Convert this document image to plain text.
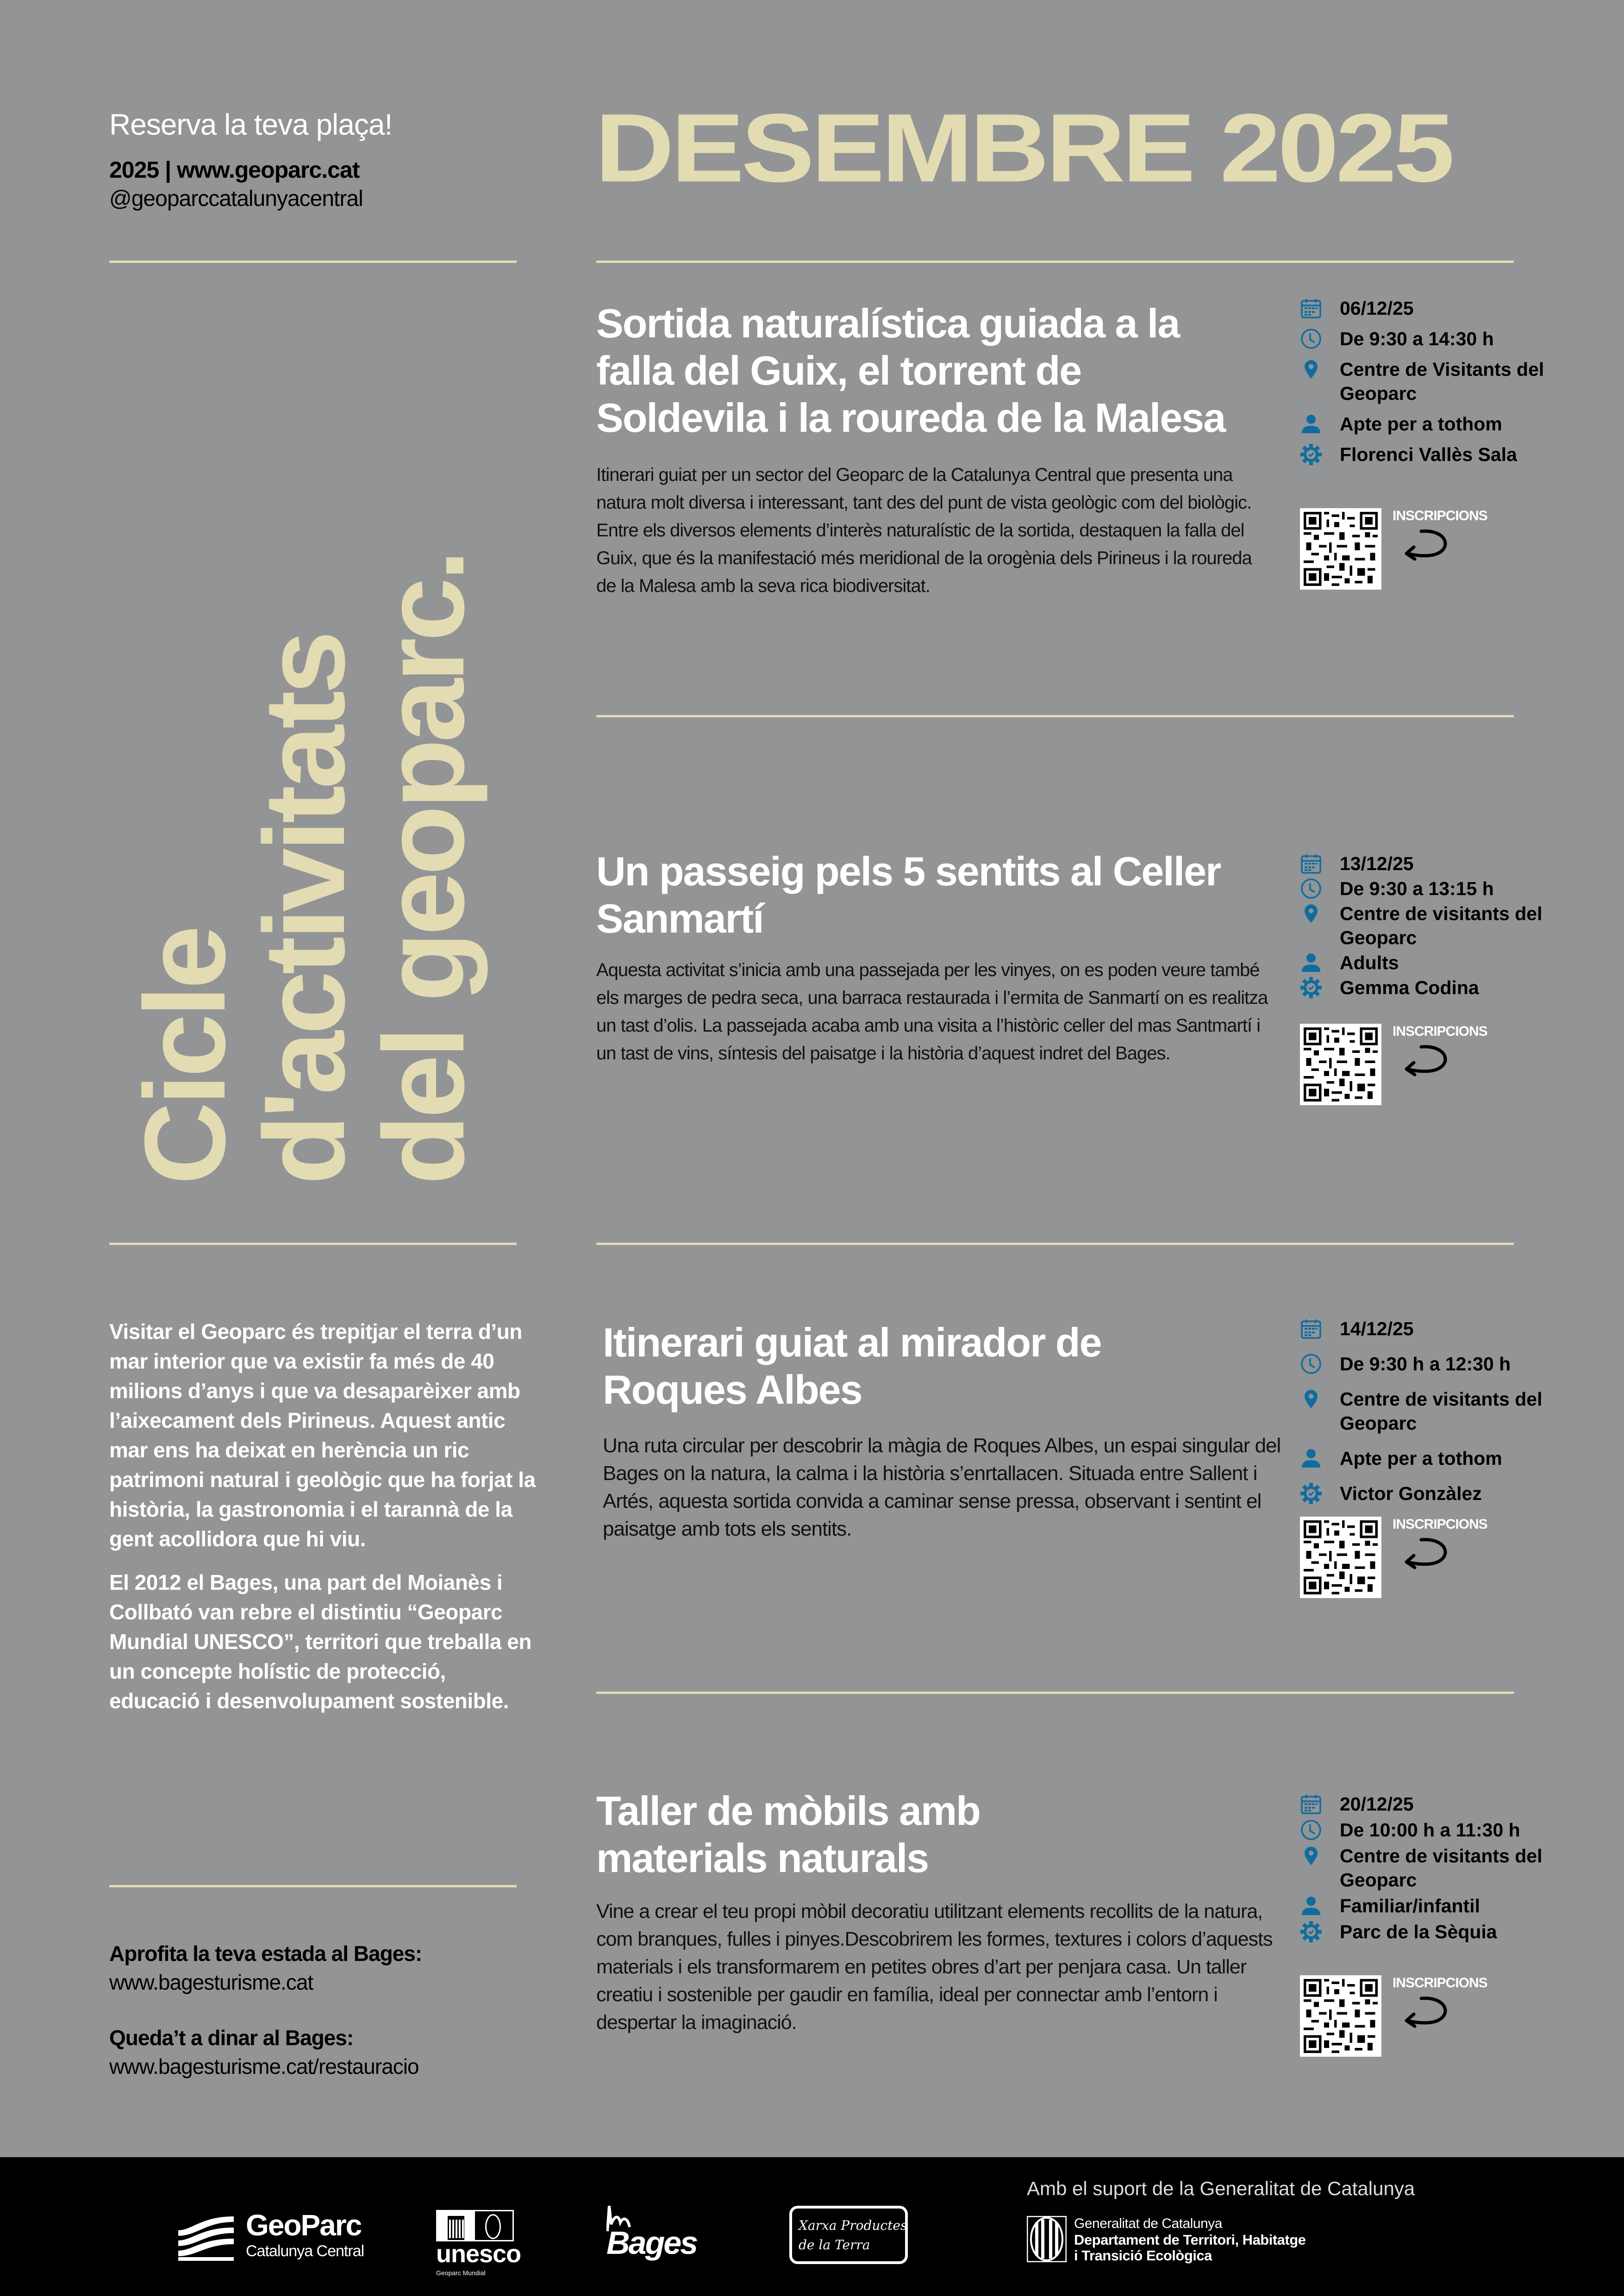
Reserva la teva plaça!
2025 | www.geoparc.cat
@geoparccatalunyacentral DESEMBRE 2025
Cicle
d'activitats
del geoparc.

Visitar el Geoparc és trepitjar el terra d’un mar interior que va existir fa més de 40 milions d’anys i que va desaparèixer amb l’aixecament dels Pirineus. Aquest antic mar ens ha deixat en herència un ric patrimoni natural i geològic que ha forjat la història, la gastronomia i el tarannà de la gent acollidora que hi viu.

El 2012 el Bages, una part del Moianès i Collbató van rebre el distintiu “Geoparc Mundial UNESCO”, territori que treballa en un concepte holístic de protecció, educació i desenvolupament sostenible.

Aprofita la teva estada al Bages:
www.bagesturisme.cat
Queda’t a dinar al Bages:
www.bagesturisme.cat/restauracio
Sortida naturalística guiada a la falla del Guix, el torrent de Soldevila i la roureda de la Malesa
Itinerari guiat per un sector del Geoparc de la Catalunya Central que presenta una natura molt diversa i interessant, tant des del punt de vista geològic com del biològic. Entre els diversos elements d’interès naturalístic de la sortida, destaquen la falla del Guix, que és la manifestació més meridional de la orogènia dels Pirineus i la roureda de la Malesa amb la seva rica biodiversitat.
06/12/25
De 9:30 a 14:30 h
Centre de Visitants del Geoparc
Apte per a tothom
Florenci Vallès Sala
INSCRIPCIONS
Un passeig pels 5 sentits al Celler Sanmartí
Aquesta activitat s’inicia amb una passejada per les vinyes, on es poden veure també els marges de pedra seca, una barraca restaurada i l’ermita de Sanmartí on es realitza un tast d’olis. La passejada acaba amb una visita a l’històric celler del mas Santmartí i un tast de vins, síntesis del paisatge i la història d’aquest indret del Bages.
13/12/25
De 9:30 a 13:15 h
Centre de visitants del Geoparc
Adults
Gemma Codina
INSCRIPCIONS
Itinerari guiat al mirador de Roques Albes
Una ruta circular per descobrir la màgia de Roques Albes, un espai singular del Bages on la natura, la calma i la història s’enrtallacen. Situada entre Sallent i Artés, aquesta sortida convida a caminar sense pressa, observant i sentint el paisatge amb tots els sentits.
14/12/25
De 9:30 h a 12:30 h
Centre de visitants del Geoparc
Apte per a tothom
Victor Gonzàlez
INSCRIPCIONS
Taller de mòbils amb materials naturals
Vine a crear el teu propi mòbil decoratiu utilitzant elements recollits de la natura, com branques, fulles i pinyes.Descobrirem les formes, textures i colors d’aquests materials i els transformarem en petites obres d’art per penjara casa. Un taller creatiu i sostenible per gaudir en família, ideal per connectar amb l’entorn i despertar la imaginació.
20/12/25
De 10:00 h a 11:30 h
Centre de visitants del Geoparc
Familiar/infantil
Parc de la Sèquia
INSCRIPCIONS
Amb el suport de la Generalitat de Catalunya
GeoParc
Catalunya Central	unesco
Geoparc Mundial
Bages	Xarxa Productes
de la Terra
Generalitat de Catalunya
Departament de Territori, Habitatge
i Transició Ecològica
